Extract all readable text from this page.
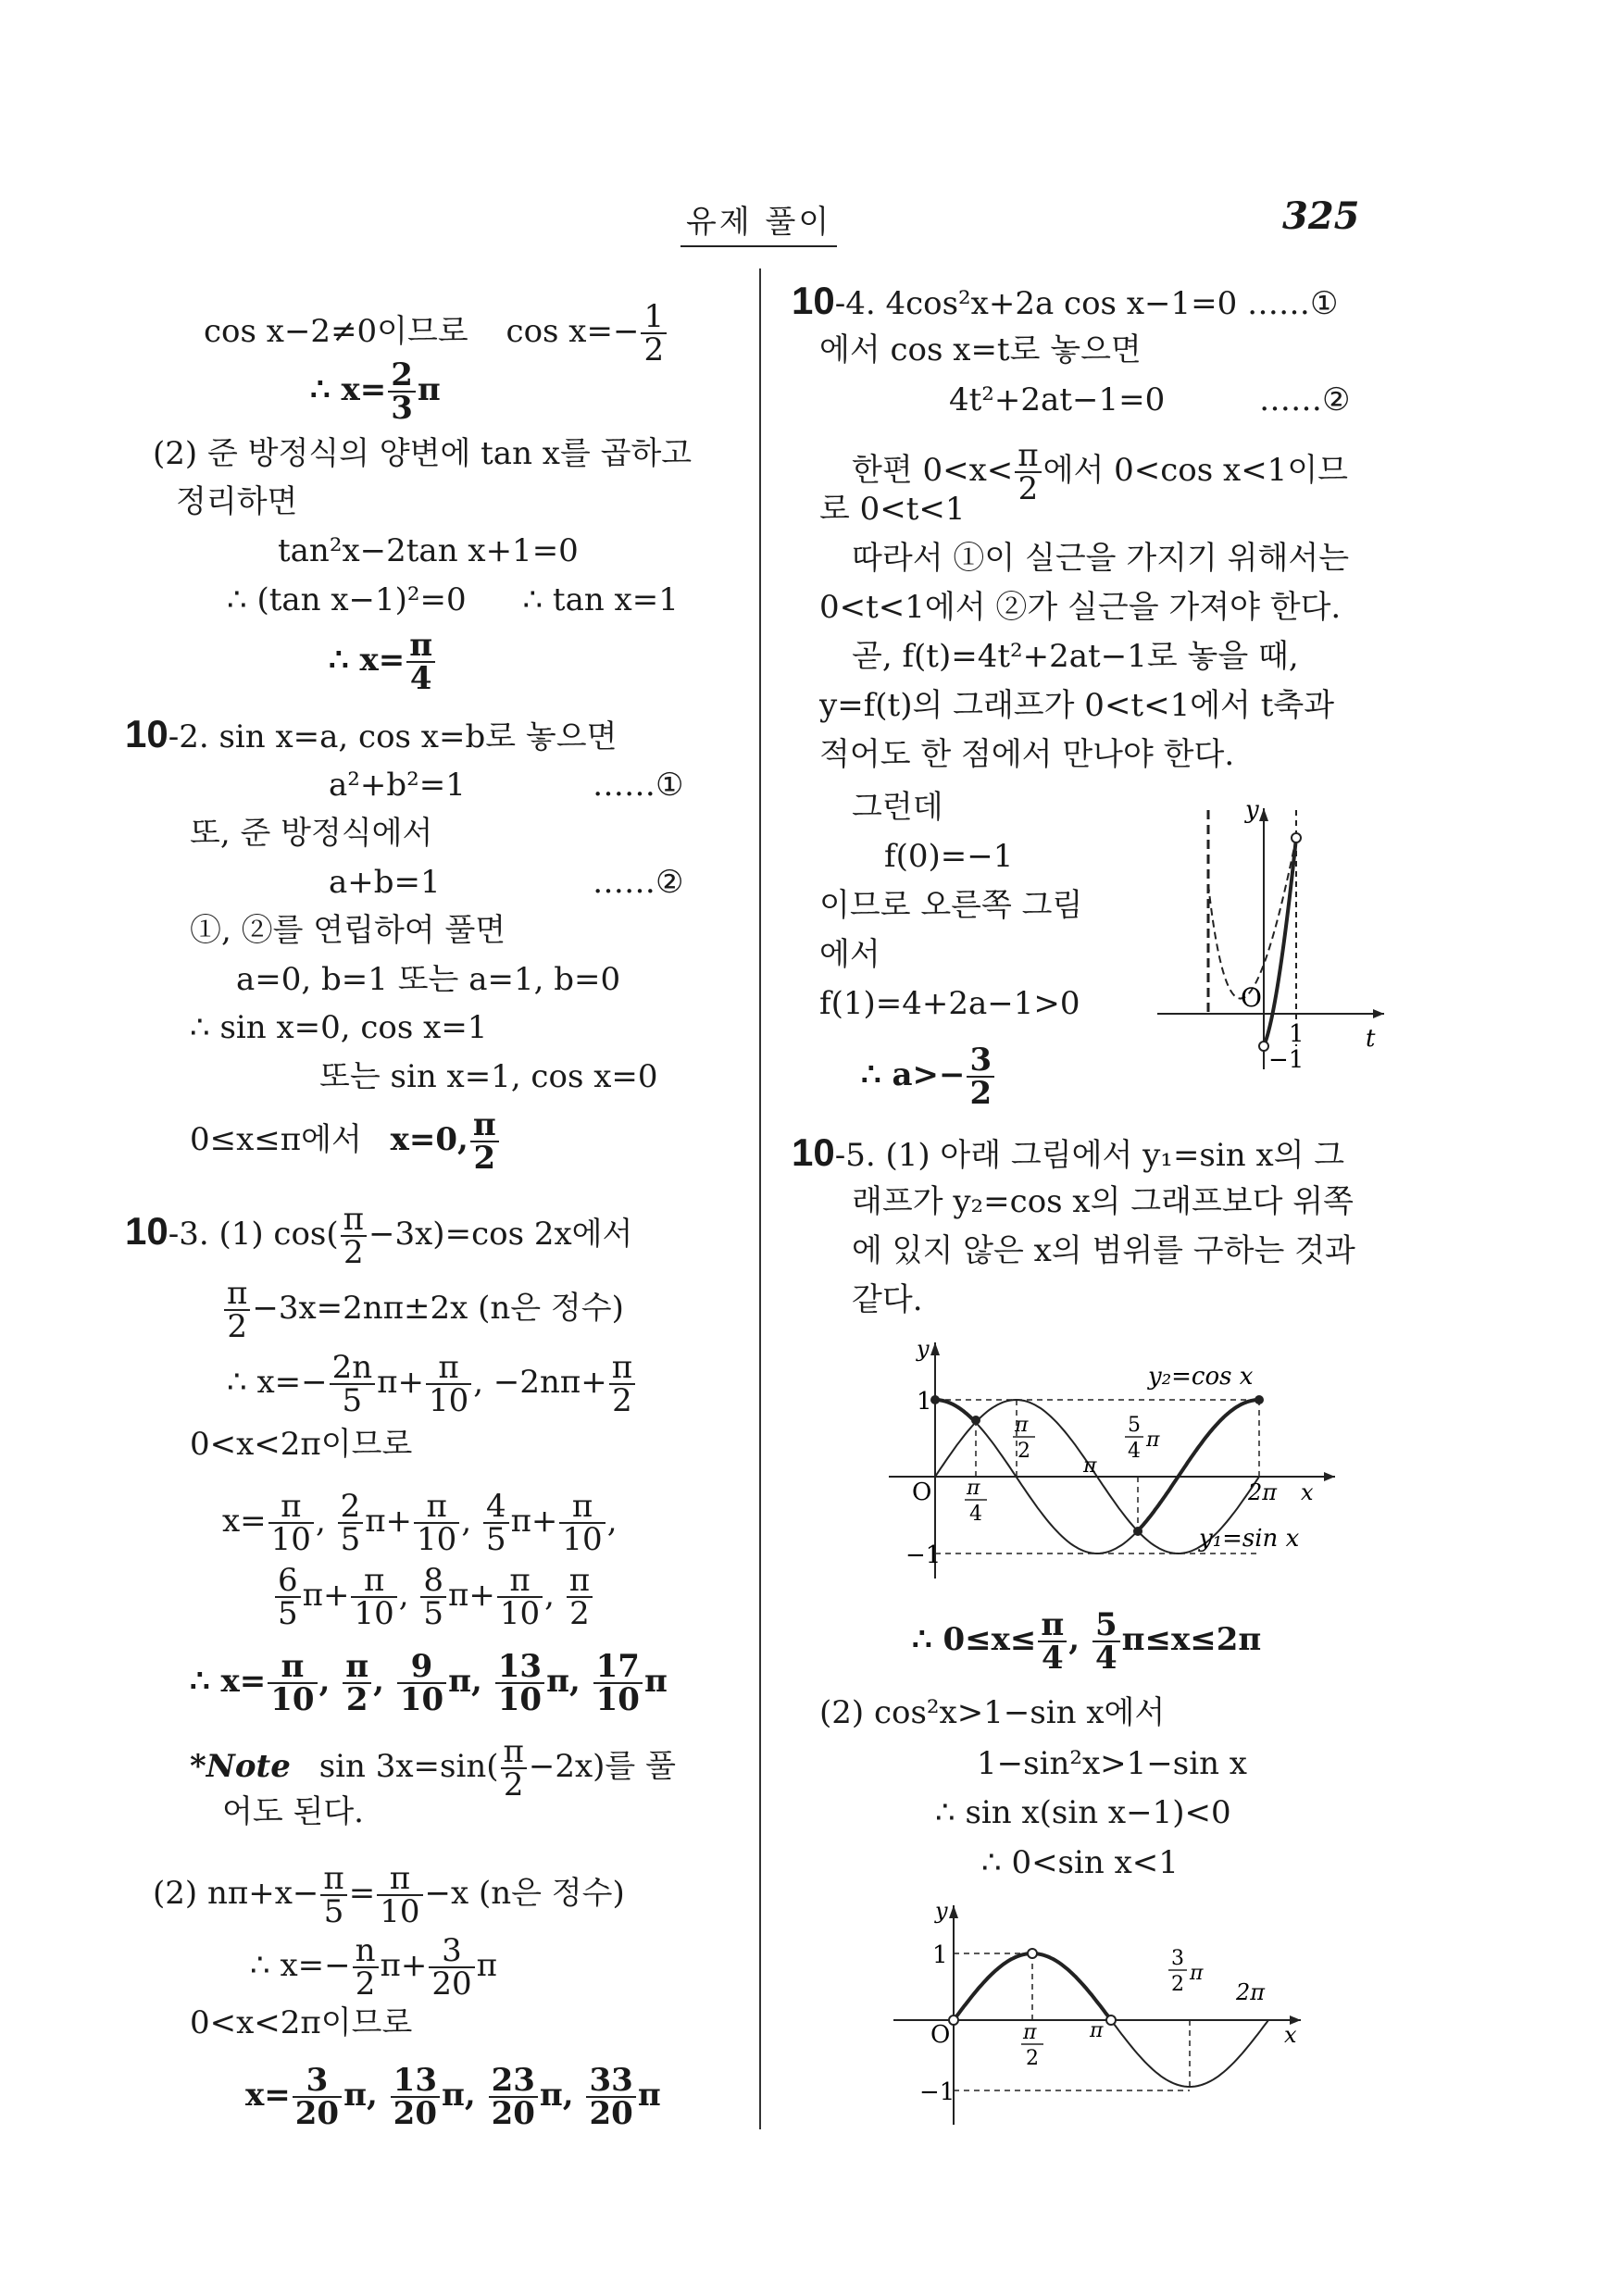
유제 풀이	325
cos x−2≠0이므로 $\cos x=- \frac{1}{2}$
∴ $x= \frac{2}{3}$ π
(2) 준 방정식의 양변에 tan x를 곱하고
정리하면
tan²x−2tan x+1=0
∴ (tan x−1)²=0 ∴ tan x=1
∴ $x= \frac{\pi}{4}$
10-2. sin x=a, cos x=b로 놓으면
a²+b²=1	……①
또, 준 방정식에서
a+b=1	……②
①, ②를 연립하여 풀면
a=0, b=1 또는 a=1, b=0
∴ sin x=0, cos x=1
또는 sin x=1, cos x=0
0≤x≤π에서 x=0, $\frac{\pi}{2}$
10-3. (1) $\cos( \frac{\pi}{2} -3x)=\cos$ 2x에서
$\frac{\pi}{2} -3x=2n\pi\pm 2x$ (n은 정수)
∴ $x=- \frac{2n}{5} \pi+ \frac{\pi}{10}$ , $-2n\pi+ \frac{\pi}{2}$
0<x<2π이므로
$x= \frac{\pi}{10}$ , $\frac{2}{5} \pi+ \frac{\pi}{10}$ , $\frac{4}{5} \pi+ \frac{\pi}{10}$ ,
$\frac{6}{5} \pi+ \frac{\pi}{10}$ , $\frac{8}{5} \pi+ \frac{\pi}{10}$ , $\frac{\pi}{2}$
∴ $x= \frac{\pi}{10}$ , $\frac{\pi}{2}$ , $\frac{9}{10} \pi$, $\frac{13}{10} \pi$, $\frac{17}{10}$ π
*Note $\sin 3x=\sin( \frac{\pi}{2} -2x)$를 풀
어도 된다.
(2) $n\pi+x- \frac{\pi}{5} = \frac{\pi}{10} -x$ (n은 정수)
∴ $x=- \frac{n}{2} \pi+ \frac{3}{20}$ π
0<x<2π이므로
$x= \frac{3}{20} \pi$, $\frac{13}{20} \pi$, $\frac{23}{20} \pi$, $\frac{33}{20}$ π
10-4. 4cos²x+2a cos x−1=0 ……①
에서 cos x=t로 놓으면
4t²+2at−1=0	……②
한편 $0<x< \frac{\pi}{2}$ 에서 0<cos x<1이므
로 0<t<1
따라서 ①이 실근을 가지기 위해서는
0<t<1에서 ②가 실근을 가져야 한다.
곧, f(t)=4t²+2at−1로 놓을 때,
y=f(t)의 그래프가 0<t<1에서 t축과
적어도 한 점에서 만나야 한다.
그런데
f(0)=−1
이므로 오른쪽 그림
에서
f(1)=4+2a−1>0
∴ $a>- \frac{3}{2}$
y
O
1
−1
t
10-5. (1) 아래 그림에서 y₁=sin x의 그
래프가 y₂=cos x의 그래프보다 위쪽
에 있지 않은 x의 범위를 구하는 것과
같다.
y
1
−1
O π
4
π
2
5
4 π
π
2π x
y₂=cos x
y₁=sin x
∴ $0\le x\le \frac{\pi}{4}$ , $\frac{5}{4} \pi\le x\le 2\pi$
(2) cos²x>1−sin x에서
1−sin²x>1−sin x
∴ sin x(sin x−1)<0
∴ 0<sin x<1
y
1
−1
O	π
2
π
3
2 π
2π
x
